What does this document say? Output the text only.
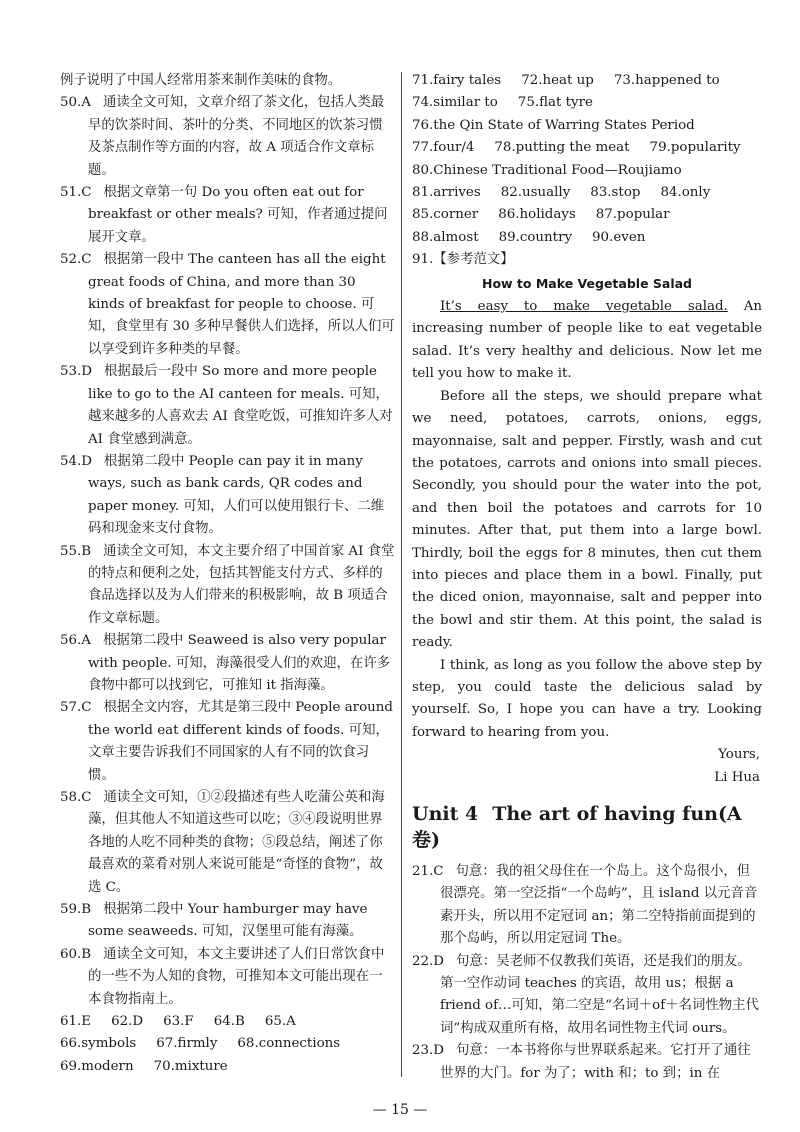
例子说明了中国人经常用茶来制作美味的食物。

50.A 通读全文可知，文章介绍了茶文化，包括人类最早的饮茶时间、茶叶的分类、不同地区的饮茶习惯及茶点制作等方面的内容，故 A 项适合作文章标题。

51.C 根据文章第一句 Do you often eat out for breakfast or other meals? 可知，作者通过提问展开文章。

52.C 根据第一段中 The canteen has all the eight great foods of China, and more than 30 kinds of breakfast for people to choose. 可知，食堂里有 30 多种早餐供人们选择，所以人们可以享受到许多种类的早餐。

53.D 根据最后一段中 So more and more people like to go to the AI canteen for meals. 可知，越来越多的人喜欢去 AI 食堂吃饭，可推知许多人对 AI 食堂感到满意。

54.D 根据第二段中 People can pay it in many ways, such as bank cards, QR codes and paper money. 可知，人们可以使用银行卡、二维码和现金来支付食物。

55.B 通读全文可知，本文主要介绍了中国首家 AI 食堂的特点和便利之处，包括其智能支付方式、多样的食品选择以及为人们带来的积极影响，故 B 项适合作文章标题。

56.A 根据第二段中 Seaweed is also very popular with people. 可知，海藻很受人们的欢迎，在许多食物中都可以找到它，可推知 it 指海藻。

57.C 根据全文内容，尤其是第三段中 People around the world eat different kinds of foods. 可知，文章主要告诉我们不同国家的人有不同的饮食习惯。

58.C 通读全文可知，①②段描述有些人吃蒲公英和海藻，但其他人不知道这些可以吃；③④段说明世界各地的人吃不同种类的食物；⑤段总结，阐述了你最喜欢的菜肴对别人来说可能是“奇怪的食物”，故选 C。

59.B 根据第二段中 Your hamburger may have some seaweeds. 可知，汉堡里可能有海藻。

60.B 通读全文可知，本文主要讲述了人们日常饮食中的一些不为人知的食物，可推知本文可能出现在一本食物指南上。

61.E 62.D 63.F 64.B 65.A
66.symbols 67.firmly 68.connections
69.modern 70.mixture
71.fairy tales 72.heat up 73.happened to
74.similar to 75.flat tyre
76.the Qin State of Warring States Period
77.four/4 78.putting the meat 79.popularity
80.Chinese Traditional Food—Roujiamo
81.arrives 82.usually 83.stop 84.only
85.corner 86.holidays 87.popular
88.almost 89.country 90.even

91.【参考范文】

How to Make Vegetable Salad

It’s easy to make vegetable salad. An increasing number of people like to eat vegetable salad. It’s very healthy and delicious. Now let me tell you how to make it.

Before all the steps, we should prepare what we need, potatoes, carrots, onions, eggs, mayonnaise, salt and pepper. Firstly, wash and cut the potatoes, carrots and onions into small pieces. Secondly, you should pour the water into the pot, and then boil the potatoes and carrots for 10 minutes. After that, put them into a large bowl. Thirdly, boil the eggs for 8 minutes, then cut them into pieces and place them in a bowl. Finally, put the diced onion, mayonnaise, salt and pepper into the bowl and stir them. At this point, the salad is ready.

I think, as long as you follow the above step by step, you could taste the delicious salad by yourself. So, I hope you can have a try. Looking forward to hearing from you.

Yours,

Li Hua

Unit 4 The art of having fun(A 卷)

21.C 句意：我的祖父母住在一个岛上。这个岛很小，但很漂亮。第一空泛指“一个岛屿”，且 island 以元音音素开头，所以用不定冠词 an；第二空特指前面提到的那个岛屿，所以用定冠词 The。

22.D 句意：吴老师不仅教我们英语，还是我们的朋友。第一空作动词 teaches 的宾语，故用 us；根据 a friend of…可知，第二空是“名词＋of＋名词性物主代词”构成双重所有格，故用名词性物主代词 ours。

23.D 句意：一本书将你与世界联系起来。它打开了通往世界的大门。for 为了；with 和；to 到；in 在

— 15 —
